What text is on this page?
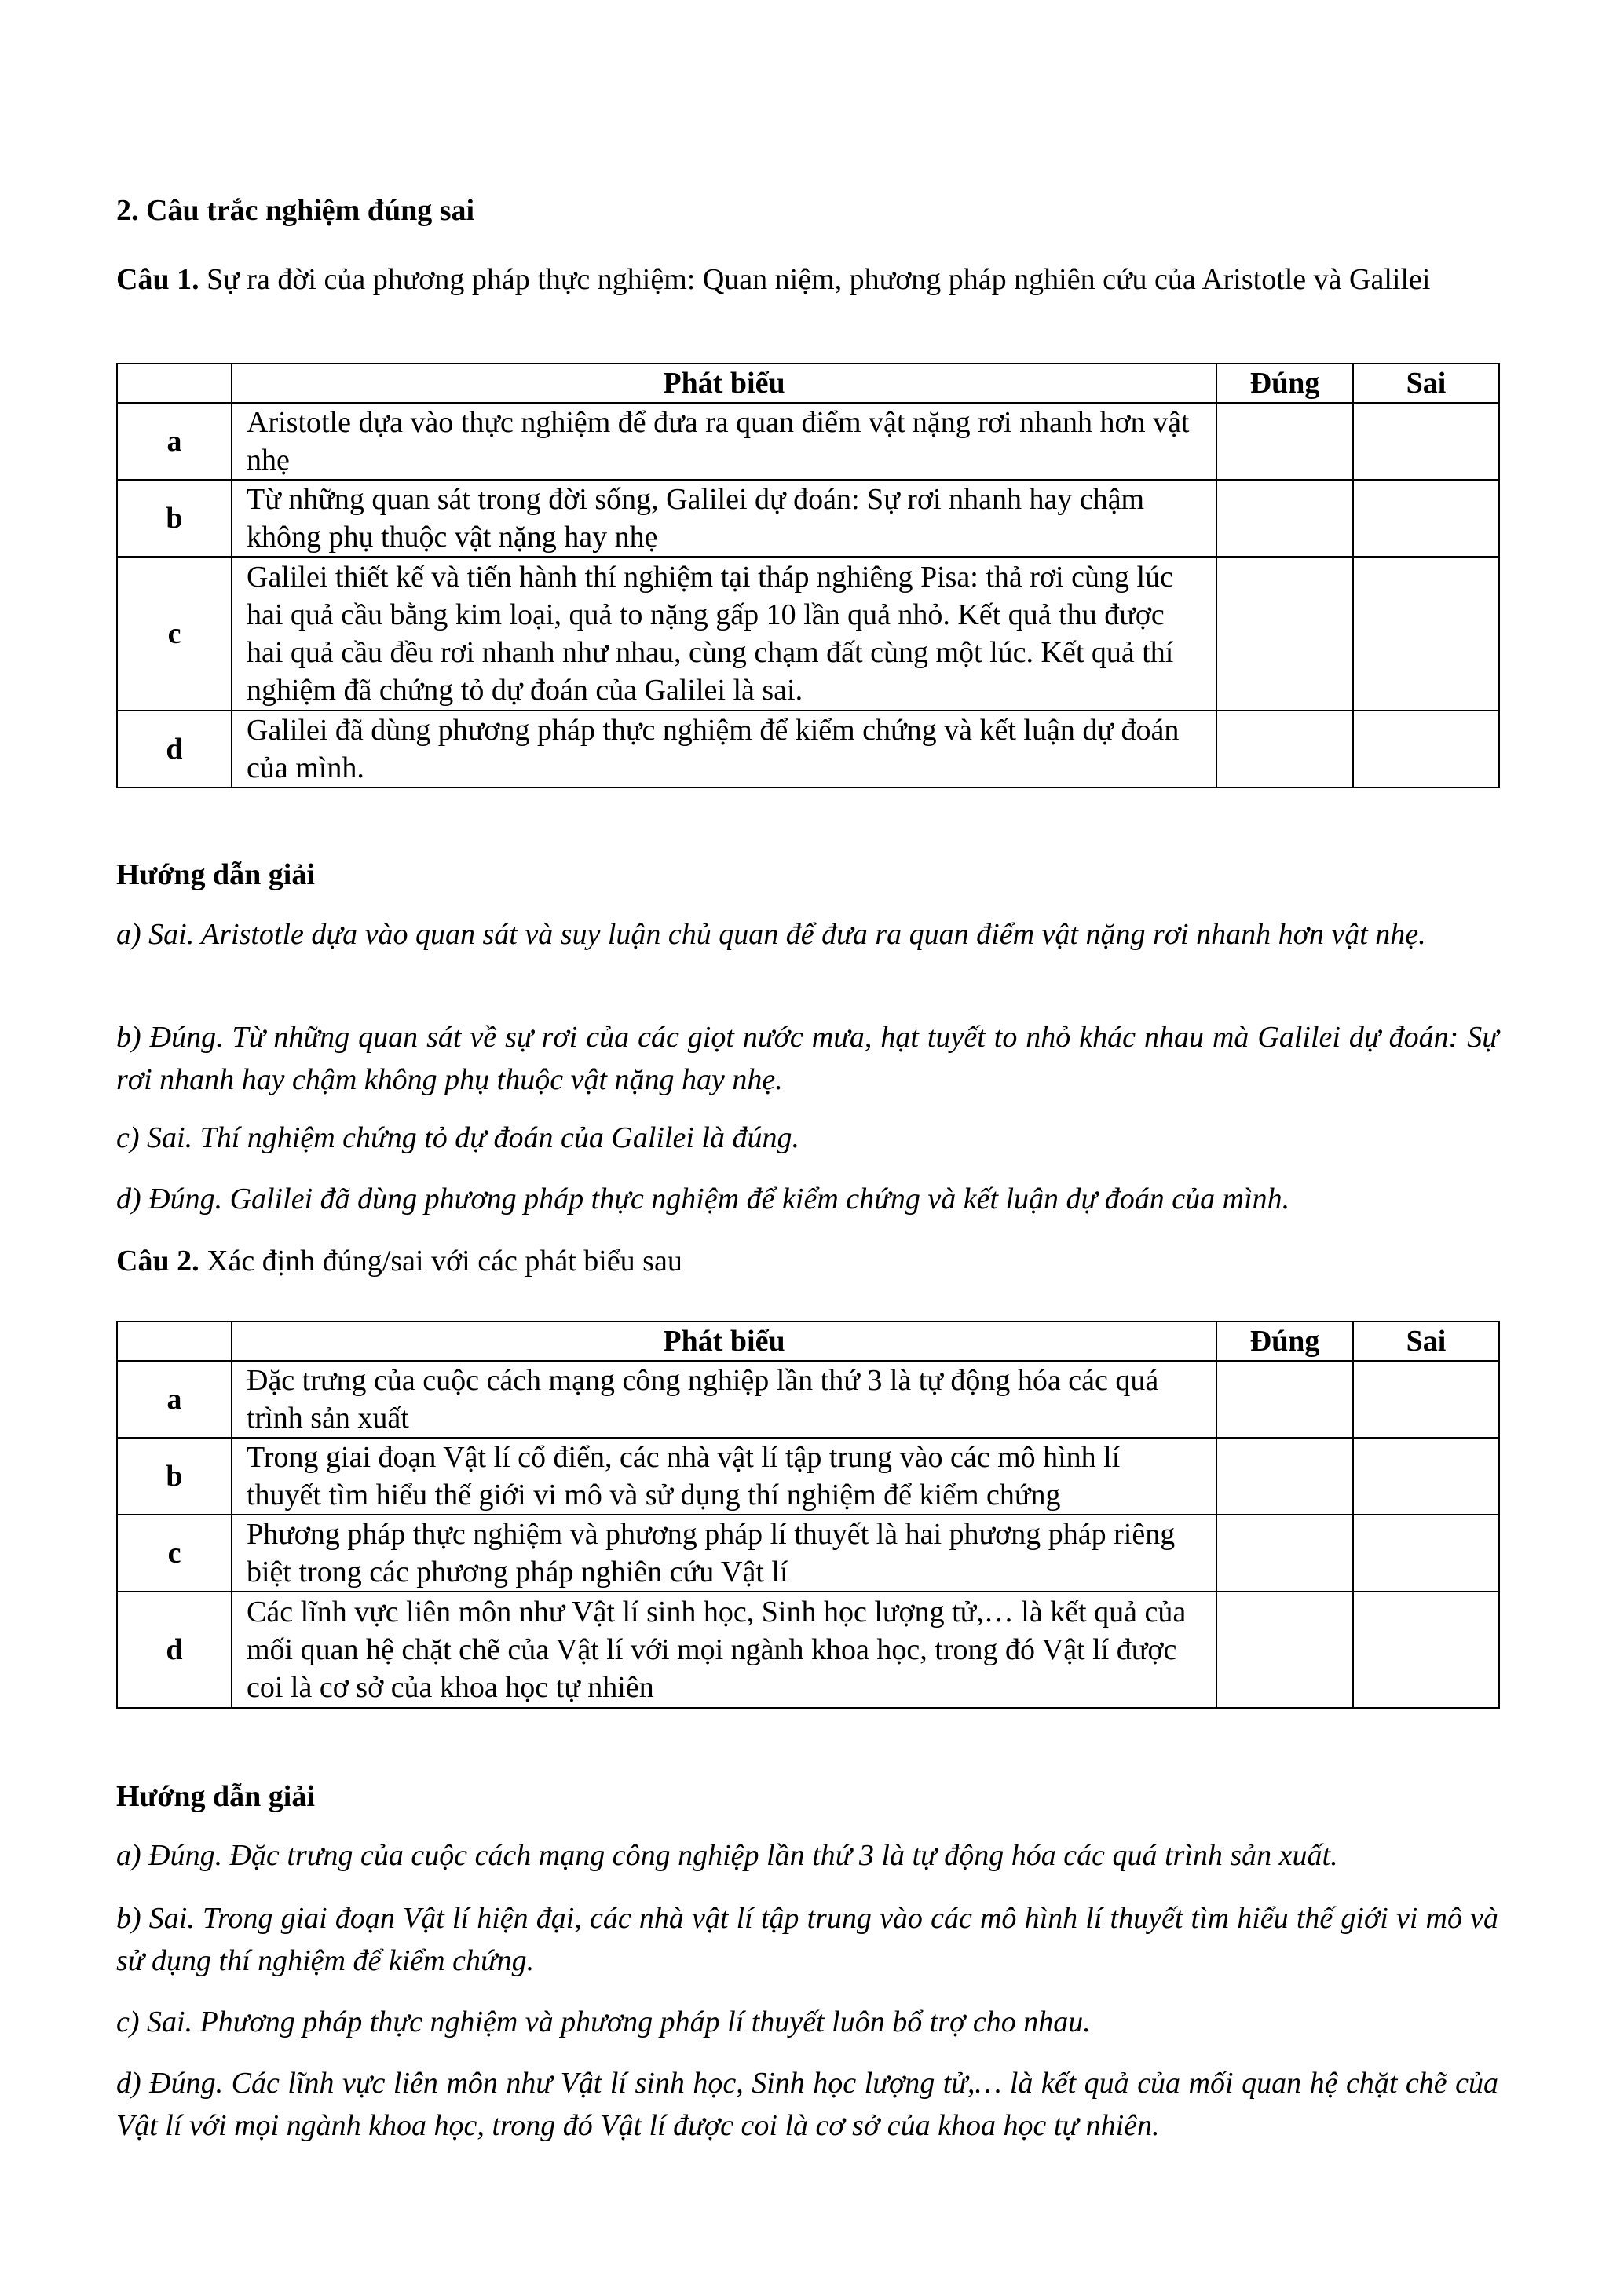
2. Câu trắc nghiệm đúng sai

Câu 1. Sự ra đời của phương pháp thực nghiệm: Quan niệm, phương pháp nghiên cứu của Aristotle và Galilei

	Phát biểu	Đúng	Sai
a	Aristotle dựa vào thực nghiệm để đưa ra quan điểm vật nặng rơi nhanh hơn vật nhẹ		
b	Từ những quan sát trong đời sống, Galilei dự đoán: Sự rơi nhanh hay chậm không phụ thuộc vật nặng hay nhẹ		
c	Galilei thiết kế và tiến hành thí nghiệm tại tháp nghiêng Pisa: thả rơi cùng lúc hai quả cầu bằng kim loại, quả to nặng gấp 10 lần quả nhỏ. Kết quả thu được hai quả cầu đều rơi nhanh như nhau, cùng chạm đất cùng một lúc. Kết quả thí nghiệm đã chứng tỏ dự đoán của Galilei là sai.		
d	Galilei đã dùng phương pháp thực nghiệm để kiểm chứng và kết luận dự đoán của mình.		

Hướng dẫn giải

a) Sai. Aristotle dựa vào quan sát và suy luận chủ quan để đưa ra quan điểm vật nặng rơi nhanh hơn vật nhẹ.

b) Đúng. Từ những quan sát về sự rơi của các giọt nước mưa, hạt tuyết to nhỏ khác nhau mà Galilei dự đoán: Sự rơi nhanh hay chậm không phụ thuộc vật nặng hay nhẹ.

c) Sai. Thí nghiệm chứng tỏ dự đoán của Galilei là đúng.

d) Đúng. Galilei đã dùng phương pháp thực nghiệm để kiểm chứng và kết luận dự đoán của mình.

Câu 2. Xác định đúng/sai với các phát biểu sau

	Phát biểu	Đúng	Sai
a	Đặc trưng của cuộc cách mạng công nghiệp lần thứ 3 là tự động hóa các quá trình sản xuất		
b	Trong giai đoạn Vật lí cổ điển, các nhà vật lí tập trung vào các mô hình lí thuyết tìm hiểu thế giới vi mô và sử dụng thí nghiệm để kiểm chứng		
c	Phương pháp thực nghiệm và phương pháp lí thuyết là hai phương pháp riêng biệt trong các phương pháp nghiên cứu Vật lí		
d	Các lĩnh vực liên môn như Vật lí sinh học, Sinh học lượng tử,… là kết quả của mối quan hệ chặt chẽ của Vật lí với mọi ngành khoa học, trong đó Vật lí được coi là cơ sở của khoa học tự nhiên		

Hướng dẫn giải

a) Đúng. Đặc trưng của cuộc cách mạng công nghiệp lần thứ 3 là tự động hóa các quá trình sản xuất.

b) Sai. Trong giai đoạn Vật lí hiện đại, các nhà vật lí tập trung vào các mô hình lí thuyết tìm hiểu thế giới vi mô và sử dụng thí nghiệm để kiểm chứng.

c) Sai. Phương pháp thực nghiệm và phương pháp lí thuyết luôn bổ trợ cho nhau.

d) Đúng. Các lĩnh vực liên môn như Vật lí sinh học, Sinh học lượng tử,… là kết quả của mối quan hệ chặt chẽ của Vật lí với mọi ngành khoa học, trong đó Vật lí được coi là cơ sở của khoa học tự nhiên.
